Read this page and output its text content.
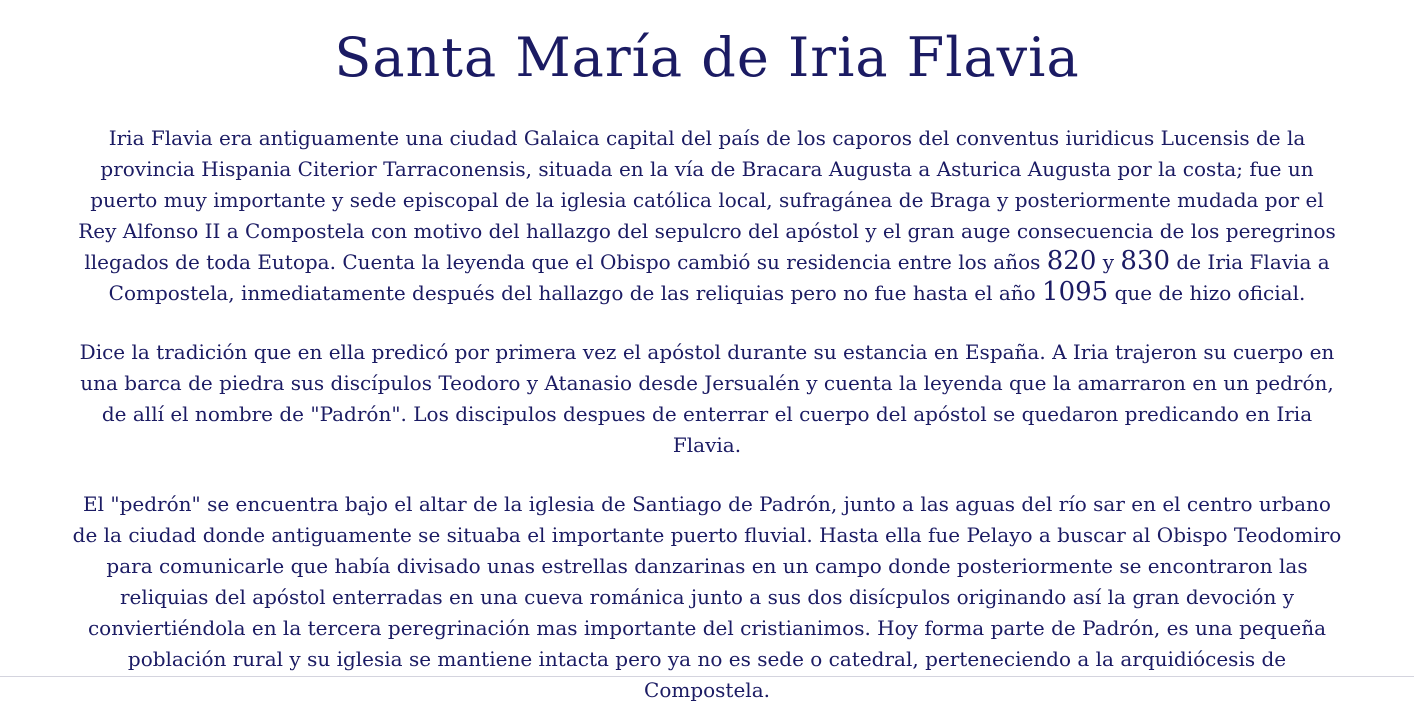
Santa María de Iria Flavia

Iria Flavia era antiguamente una ciudad Galaica capital del país de los caporos del conventus iuridicus Lucensis de la provincia Hispania Citerior Tarraconensis, situada en la vía de Bracara Augusta a Asturica Augusta por la costa; fue un puerto muy importante y sede episcopal de la iglesia católica local, sufragánea de Braga y posteriormente mudada por el Rey Alfonso II a Compostela con motivo del hallazgo del sepulcro del apóstol y el gran auge consecuencia de los peregrinos llegados de toda Eutopa. Cuenta la leyenda que el Obispo cambió su residencia entre los años 820 y 830 de Iria Flavia a Compostela, inmediatamente después del hallazgo de las reliquias pero no fue hasta el año 1095 que de hizo oficial.

Dice la tradición que en ella predicó por primera vez el apóstol durante su estancia en España. A Iria trajeron su cuerpo en una barca de piedra sus discípulos Teodoro y Atanasio desde Jersualén y cuenta la leyenda que la amarraron en un pedrón, de allí el nombre de "Padrón". Los discipulos despues de enterrar el cuerpo del apóstol se quedaron predicando en Iria Flavia.

El "pedrón" se encuentra bajo el altar de la iglesia de Santiago de Padrón, junto a las aguas del río sar en el centro urbano de la ciudad donde antiguamente se situaba el importante puerto fluvial. Hasta ella fue Pelayo a buscar al Obispo Teodomiro para comunicarle que había divisado unas estrellas danzarinas en un campo donde posteriormente se encontraron las reliquias del apóstol enterradas en una cueva románica junto a sus dos disícpulos originando así la gran devoción y conviertiéndola en la tercera peregrinación mas importante del cristianimos. Hoy forma parte de Padrón, es una pequeña población rural y su iglesia se mantiene intacta pero ya no es sede o catedral, perteneciendo a la arquidiócesis de Compostela.
